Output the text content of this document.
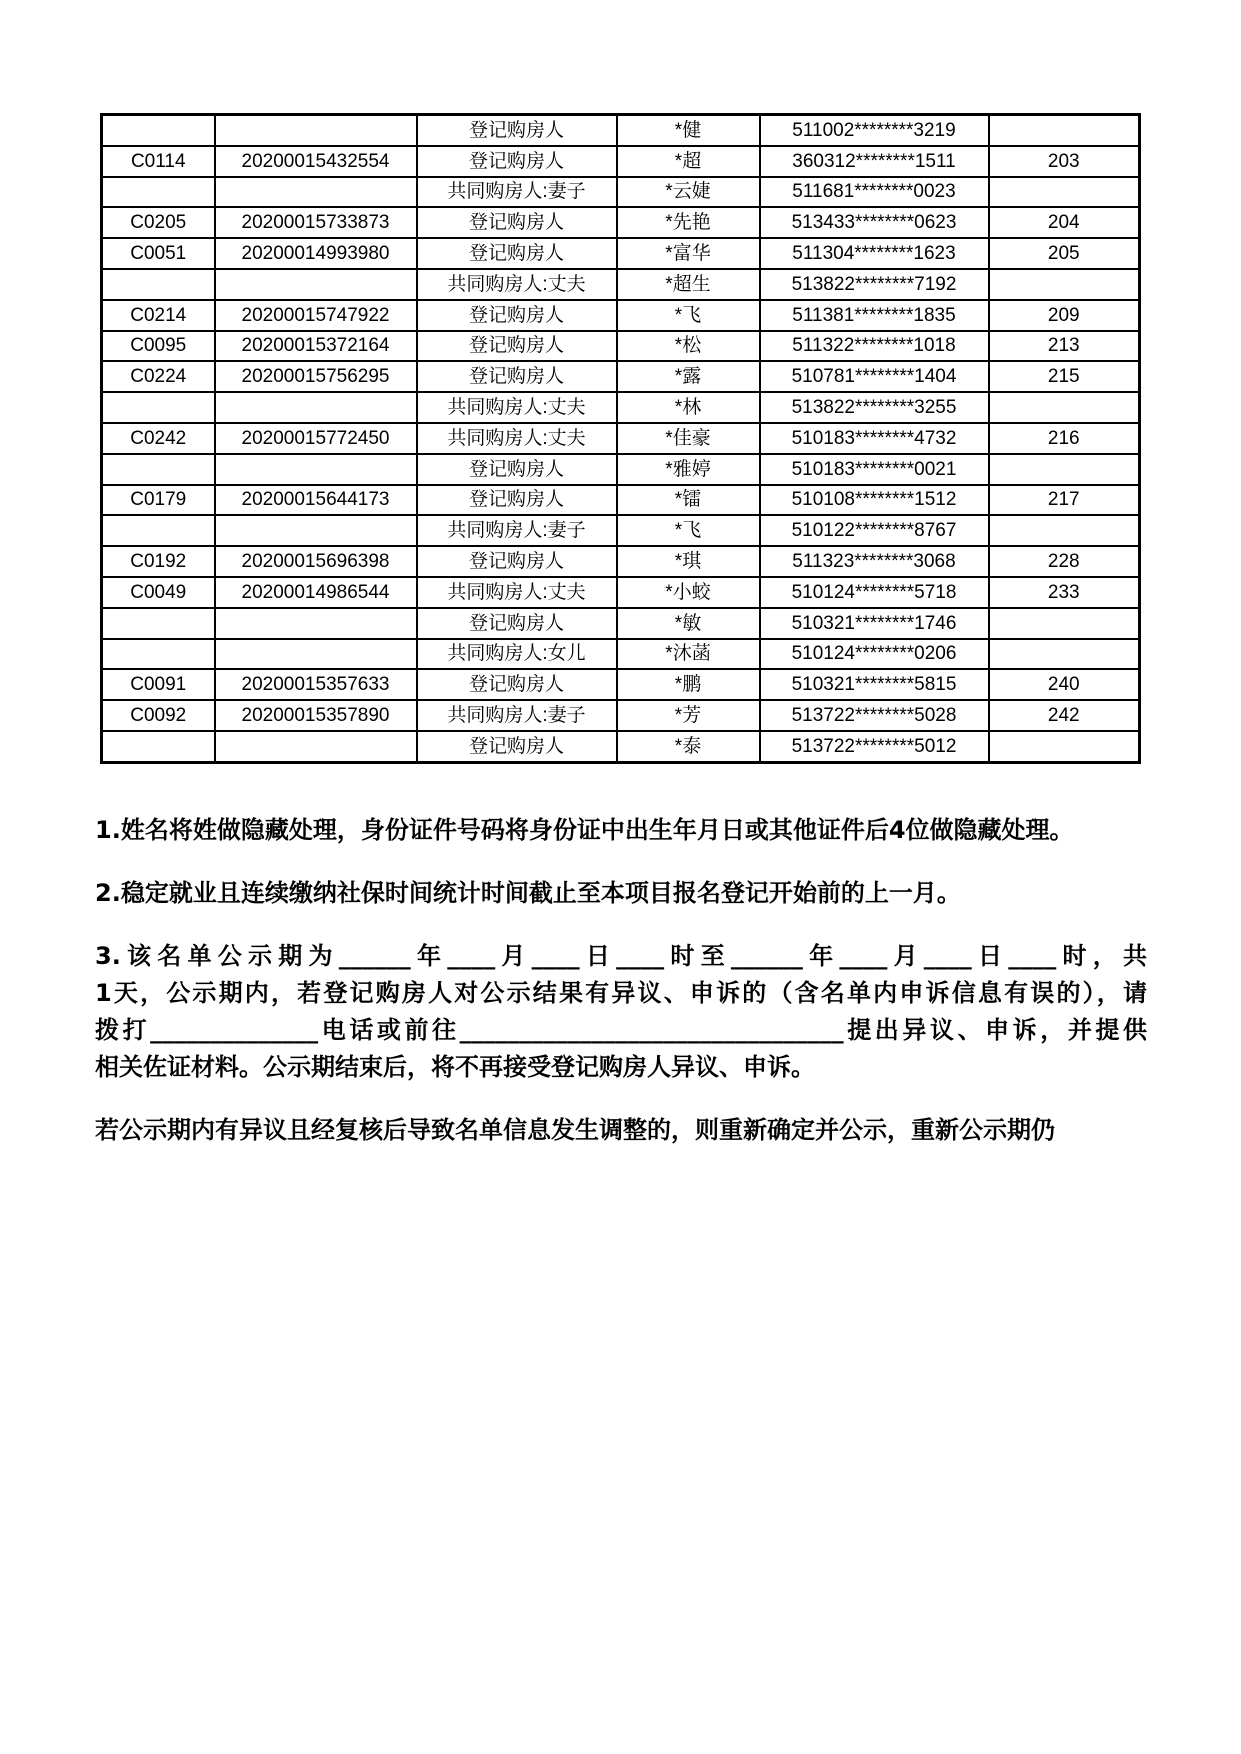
		登记购房人	*健	511002********3219	
C0114	20200015432554	登记购房人	*超	360312********1511	203
		共同购房人:妻子	*云婕	511681********0023	
C0205	20200015733873	登记购房人	*先艳	513433********0623	204
C0051	20200014993980	登记购房人	*富华	511304********1623	205
		共同购房人:丈夫	*超生	513822********7192	
C0214	20200015747922	登记购房人	*飞	511381********1835	209
C0095	20200015372164	登记购房人	*松	511322********1018	213
C0224	20200015756295	登记购房人	*露	510781********1404	215
		共同购房人:丈夫	*林	513822********3255	
C0242	20200015772450	共同购房人:丈夫	*佳豪	510183********4732	216
		登记购房人	*雅婷	510183********0021	
C0179	20200015644173	登记购房人	*镭	510108********1512	217
		共同购房人:妻子	*飞	510122********8767	
C0192	20200015696398	登记购房人	*琪	511323********3068	228
C0049	20200014986544	共同购房人:丈夫	*小蛟	510124********5718	233
		登记购房人	*敏	510321********1746	
		共同购房人:女儿	*沐菡	510124********0206	
C0091	20200015357633	登记购房人	*鹏	510321********5815	240
C0092	20200015357890	共同购房人:妻子	*芳	513722********5028	242
		登记购房人	*泰	513722********5012	

1.姓名将姓做隐藏处理，身份证件号码将身份证中出生年月日或其他证件后4位做隐藏处理。

2.稳定就业且连续缴纳社保时间统计时间截止至本项目报名登记开始前的上一月。

3.该名单公示期为______年____月____日____时至______年____月____日____时，共
1天，公示期内，若登记购房人对公示结果有异议、申诉的（含名单内申诉信息有误的），请
拨打______________电话或前往________________________________提出异议、申诉，并提供
相关佐证材料。公示期结束后，将不再接受登记购房人异议、申诉。

若公示期内有异议且经复核后导致名单信息发生调整的，则重新确定并公示，重新公示期仍
